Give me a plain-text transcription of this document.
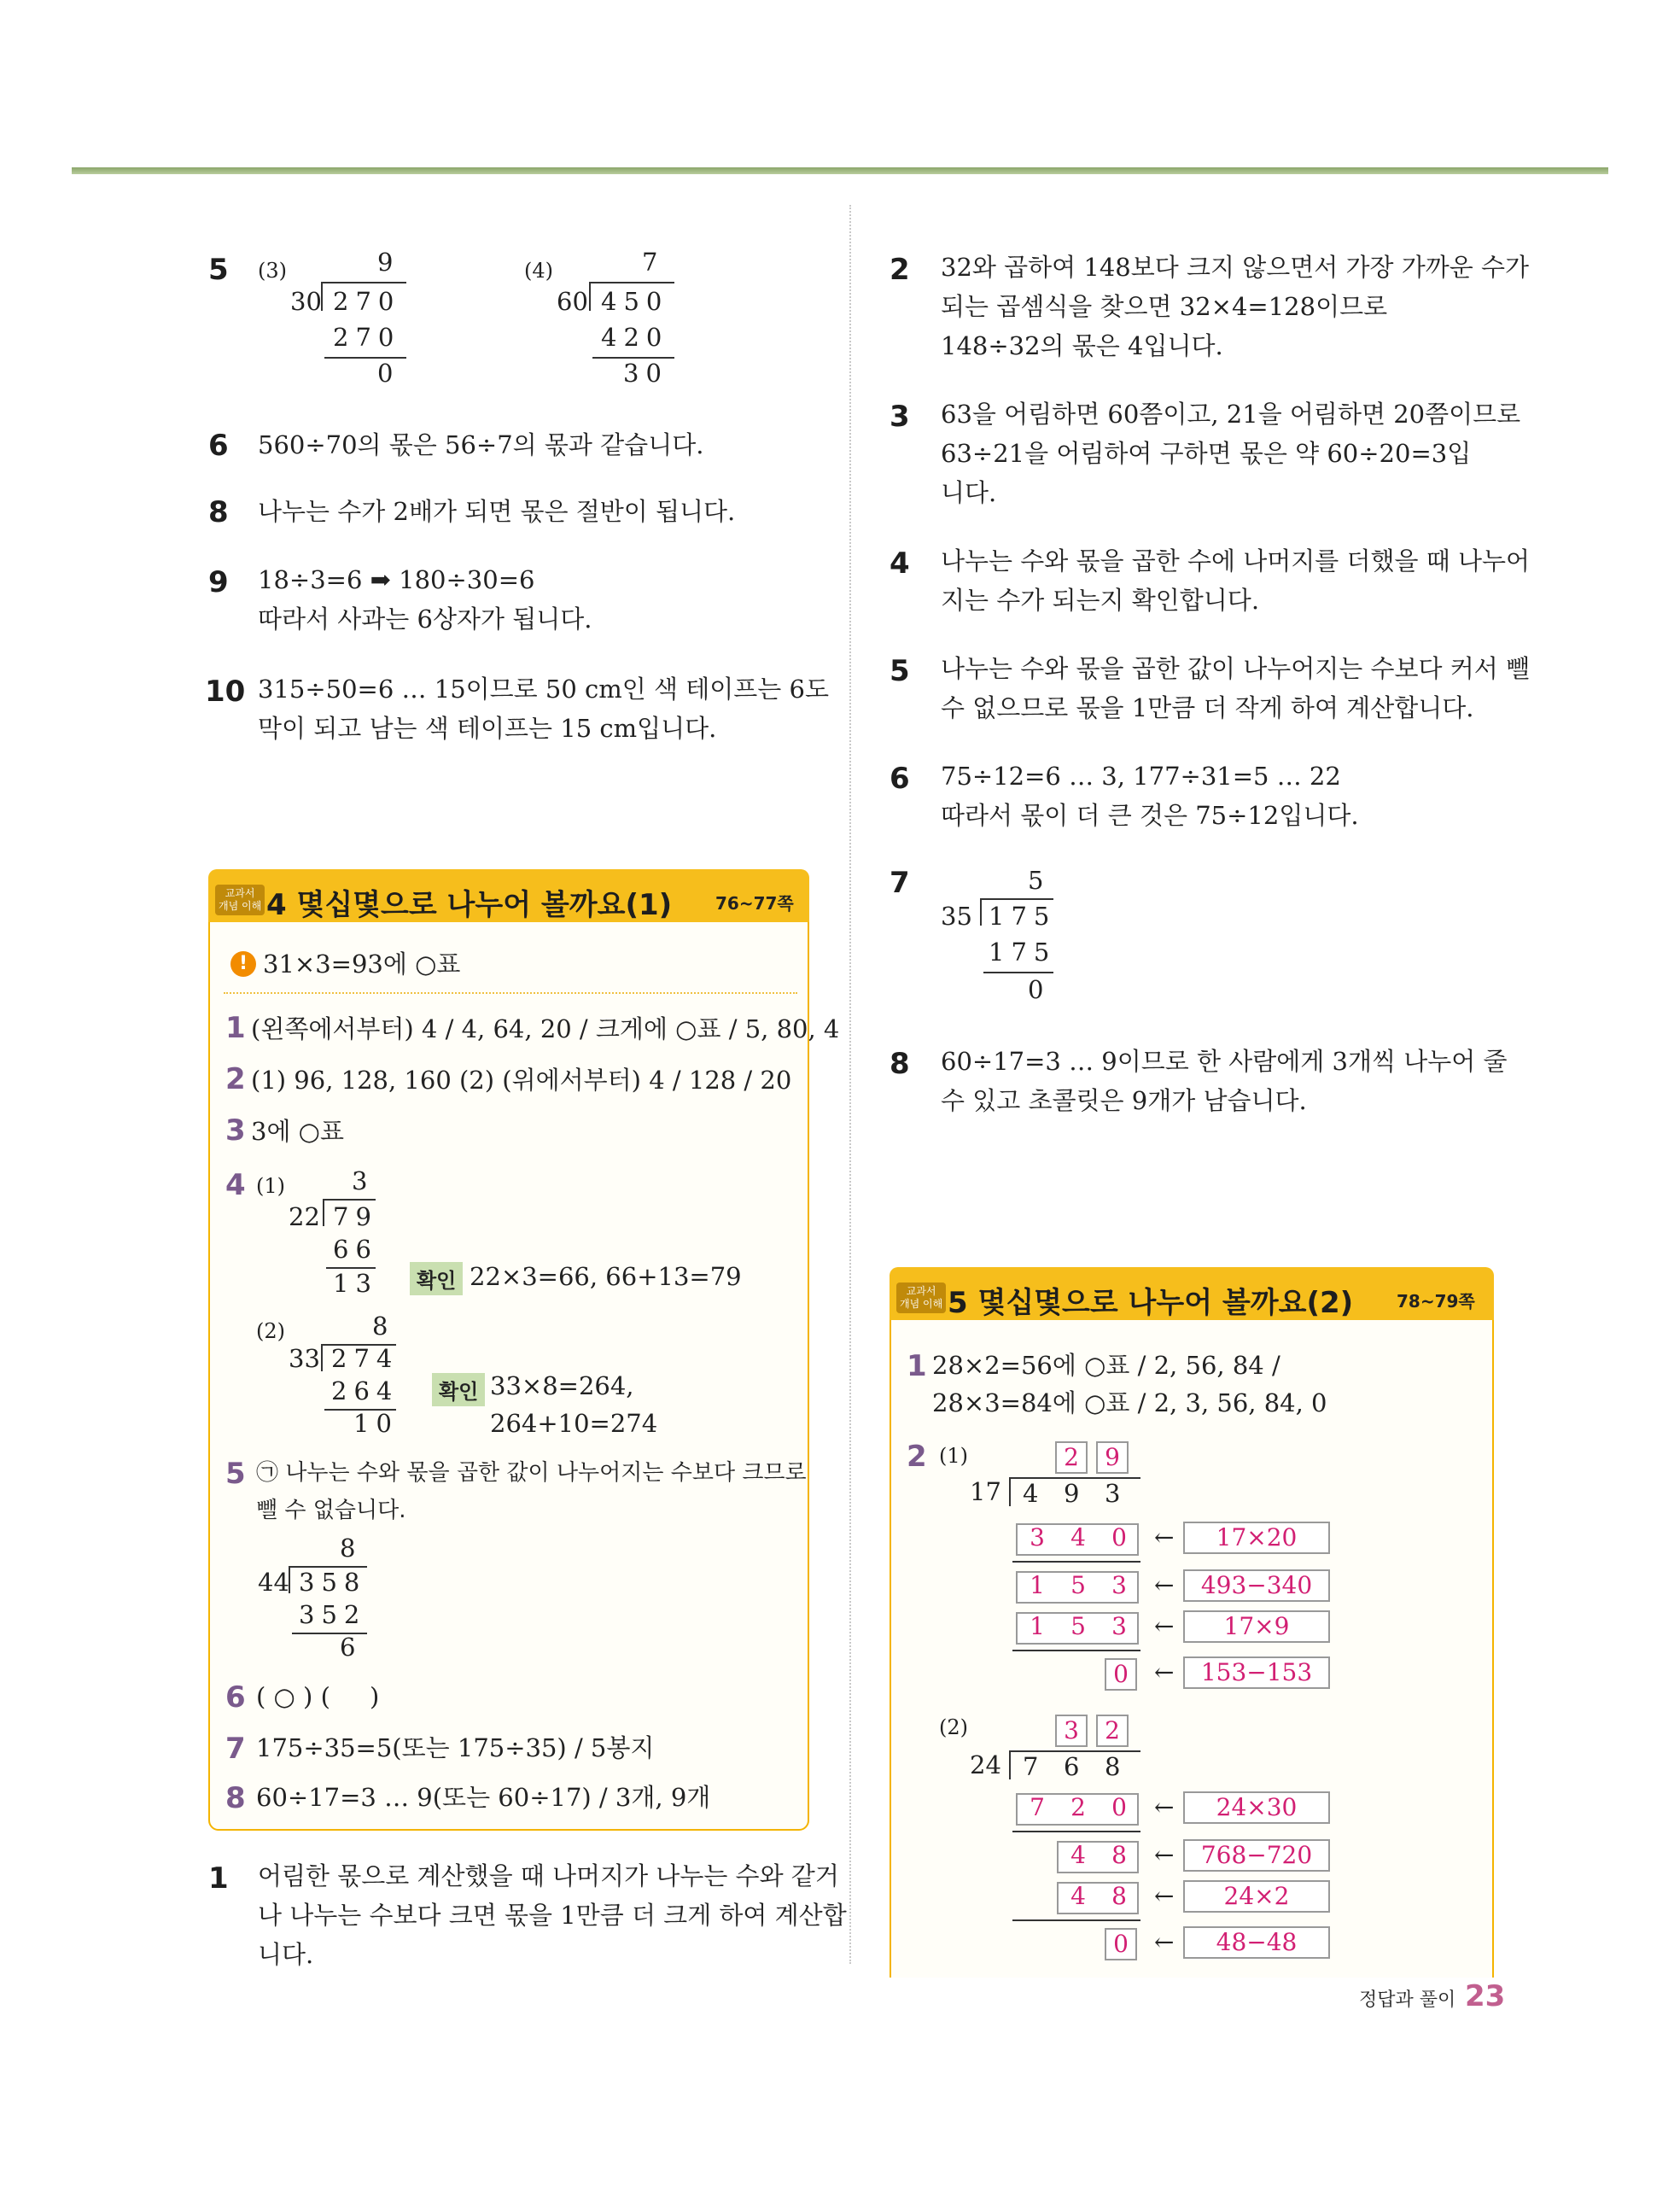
5 (3)	9
30 270
270
0
(4)	7
60 450
420
30
6 560÷70의 몫은 56÷7의 몫과 같습니다.
8 나누는 수가 2배가 되면 몫은 절반이 됩니다.
9 18÷3=6 ➡ 180÷30=6
따라서 사과는 6상자가 됩니다.
10 315÷50=6 … 15이므로 50 cm인 색 테이프는 6도
막이 되고 남는 색 테이프는 15 cm입니다.
교과서
개념 이해 4 몇십몇으로 나누어 볼까요(1)	76~77쪽
! 31×3=93에 ○표
1 (왼쪽에서부터) 4 / 4, 64, 20 / 크게에 ○표 / 5, 80, 4
2 (1) 96, 128, 160 (2) (위에서부터) 4 / 128 / 20
3 3에 ○표
4 (1)	3
22 79
66
13	확인 22×3=66, 66+13=79
(2)	8
33 274
264
10
확인 33×8=264,
264+10=274
5 ㉠ 나누는 수와 몫을 곱한 값이 나누어지는 수보다 크므로
뺄 수 없습니다.
8
44 358
352
6
6 ( ○ ) (     )
7 175÷35=5(또는 175÷35) / 5봉지
8 60÷17=3 … 9(또는 60÷17) / 3개, 9개
1 어림한 몫으로 계산했을 때 나머지가 나누는 수와 같거
나 나누는 수보다 크면 몫을 1만큼 더 크게 하여 계산합
니다.
2 32와 곱하여 148보다 크지 않으면서 가장 가까운 수가
되는 곱셈식을 찾으면 32×4=128이므로
148÷32의 몫은 4입니다.
3 63을 어림하면 60쯤이고, 21을 어림하면 20쯤이므로
63÷21을 어림하여 구하면 몫은 약 60÷20=3입
니다.
4 나누는 수와 몫을 곱한 수에 나머지를 더했을 때 나누어
지는 수가 되는지 확인합니다.
5 나누는 수와 몫을 곱한 값이 나누어지는 수보다 커서 뺄
수 없으므로 몫을 1만큼 더 작게 하여 계산합니다.
6 75÷12=6 … 3, 177÷31=5 … 22
따라서 몫이 더 큰 것은 75÷12입니다.
7	5
35 175
175
0
8 60÷17=3 … 9이므로 한 사람에게 3개씩 나누어 줄
수 있고 초콜릿은 9개가 남습니다.
교과서
개념 이해 5 몇십몇으로 나누어 볼까요(2)	78~79쪽
1 28×2=56에 ○표 / 2, 56, 84 /
28×3=84에 ○표 / 2, 3, 56, 84, 0
2 (1)	2	9
17 4 9 3
3 4 0 ←	17×20
1 5 3 ←	493−340
1 5 3 ←	17×9
0	←	153−153
(2)	3	2
24 7 6 8
7 2 0 ←	24×30
4 8 ←	768−720
4 8 ←	24×2
0	←	48−48
정답과 풀이 23
